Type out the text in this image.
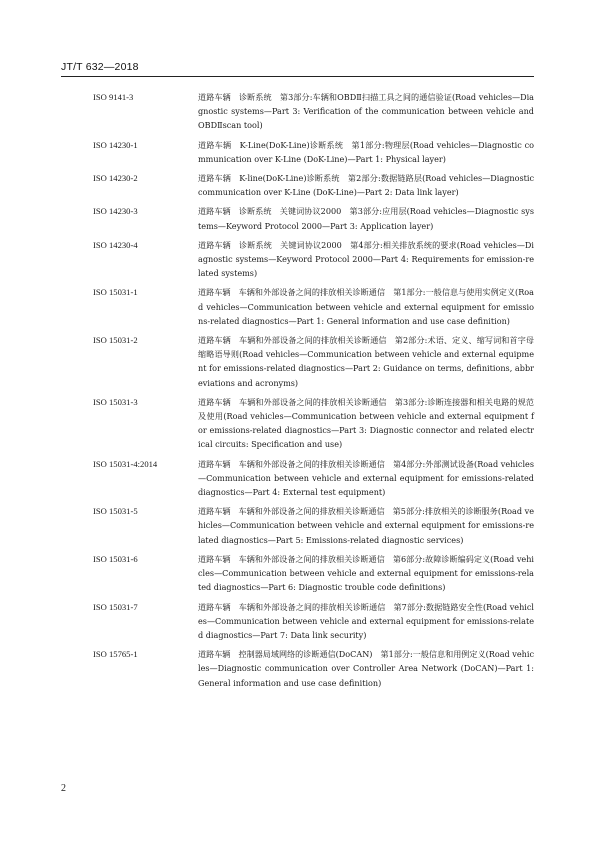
JT/T 632—2018
ISO 9141-3	道路车辆　诊断系统　第3部分:车辆和OBDⅡ扫描工具之间的通信验证(Road vehicles—Diagnostic systems—Part 3: Verification of the communication between vehicle and OBDⅡscan tool)
ISO 14230-1	道路车辆　K-Line(DoK-Line)诊断系统　第1部分:物理层(Road vehicles—Diagnostic communication over K-Line (DoK-Line)—Part 1: Physical layer)
ISO 14230-2	道路车辆　K-line(DoK-Line)诊断系统　第2部分:数据链路层(Road vehicles—Diagnostic communication over K-Line (DoK-Line)—Part 2: Data link layer)
ISO 14230-3	道路车辆　诊断系统　关键词协议2000　第3部分:应用层(Road vehicles—Diagnostic systems—Keyword Protocol 2000—Part 3: Application layer)
ISO 14230-4	道路车辆　诊断系统　关键词协议2000　第4部分:相关排放系统的要求(Road vehicles—Diagnostic systems—Keyword Protocol 2000—Part 4: Requirements for emission-related systems)
ISO 15031-1	道路车辆　车辆和外部设备之间的排放相关诊断通信　第1部分:一般信息与使用实例定义(Road vehicles—Communication between vehicle and external equipment for emissions-related diagnostics—Part 1: General information and use case definition)
ISO 15031-2	道路车辆　车辆和外部设备之间的排放相关诊断通信　第2部分:术语、定义、缩写词和首字母缩略语导则(Road vehicles—Communication between vehicle and external equipment for emissions-related diagnostics—Part 2: Guidance on terms, definitions, abbreviations and acronyms)
ISO 15031-3	道路车辆　车辆和外部设备之间的排放相关诊断通信　第3部分:诊断连接器和相关电路的规范及使用(Road vehicles—Communication between vehicle and external equipment for emissions-related diagnostics—Part 3: Diagnostic connector and related electrical circuits: Specification and use)
ISO 15031-4:2014	道路车辆　车辆和外部设备之间的排放相关诊断通信　第4部分:外部测试设备(Road vehicles—Communication between vehicle and external equipment for emissions-related diagnostics—Part 4: External test equipment)
ISO 15031-5	道路车辆　车辆和外部设备之间的排放相关诊断通信　第5部分:排放相关的诊断服务(Road vehicles—Communication between vehicle and external equipment for emissions-related diagnostics—Part 5: Emissions-related diagnostic services)
ISO 15031-6	道路车辆　车辆和外部设备之间的排放相关诊断通信　第6部分:故障诊断编码定义(Road vehicles—Communication between vehicle and external equipment for emissions-related diagnostics—Part 6: Diagnostic trouble code definitions)
ISO 15031-7	道路车辆　车辆和外部设备之间的排放相关诊断通信　第7部分:数据链路安全性(Road vehicles—Communication between vehicle and external equipment for emissions-related diagnostics—Part 7: Data link security)
ISO 15765-1	道路车辆　控制器局域网络的诊断通信(DoCAN)　第1部分:一般信息和用例定义(Road vehicles—Diagnostic communication over Controller Area Network (DoCAN)—Part 1: General information and use case definition)
2
